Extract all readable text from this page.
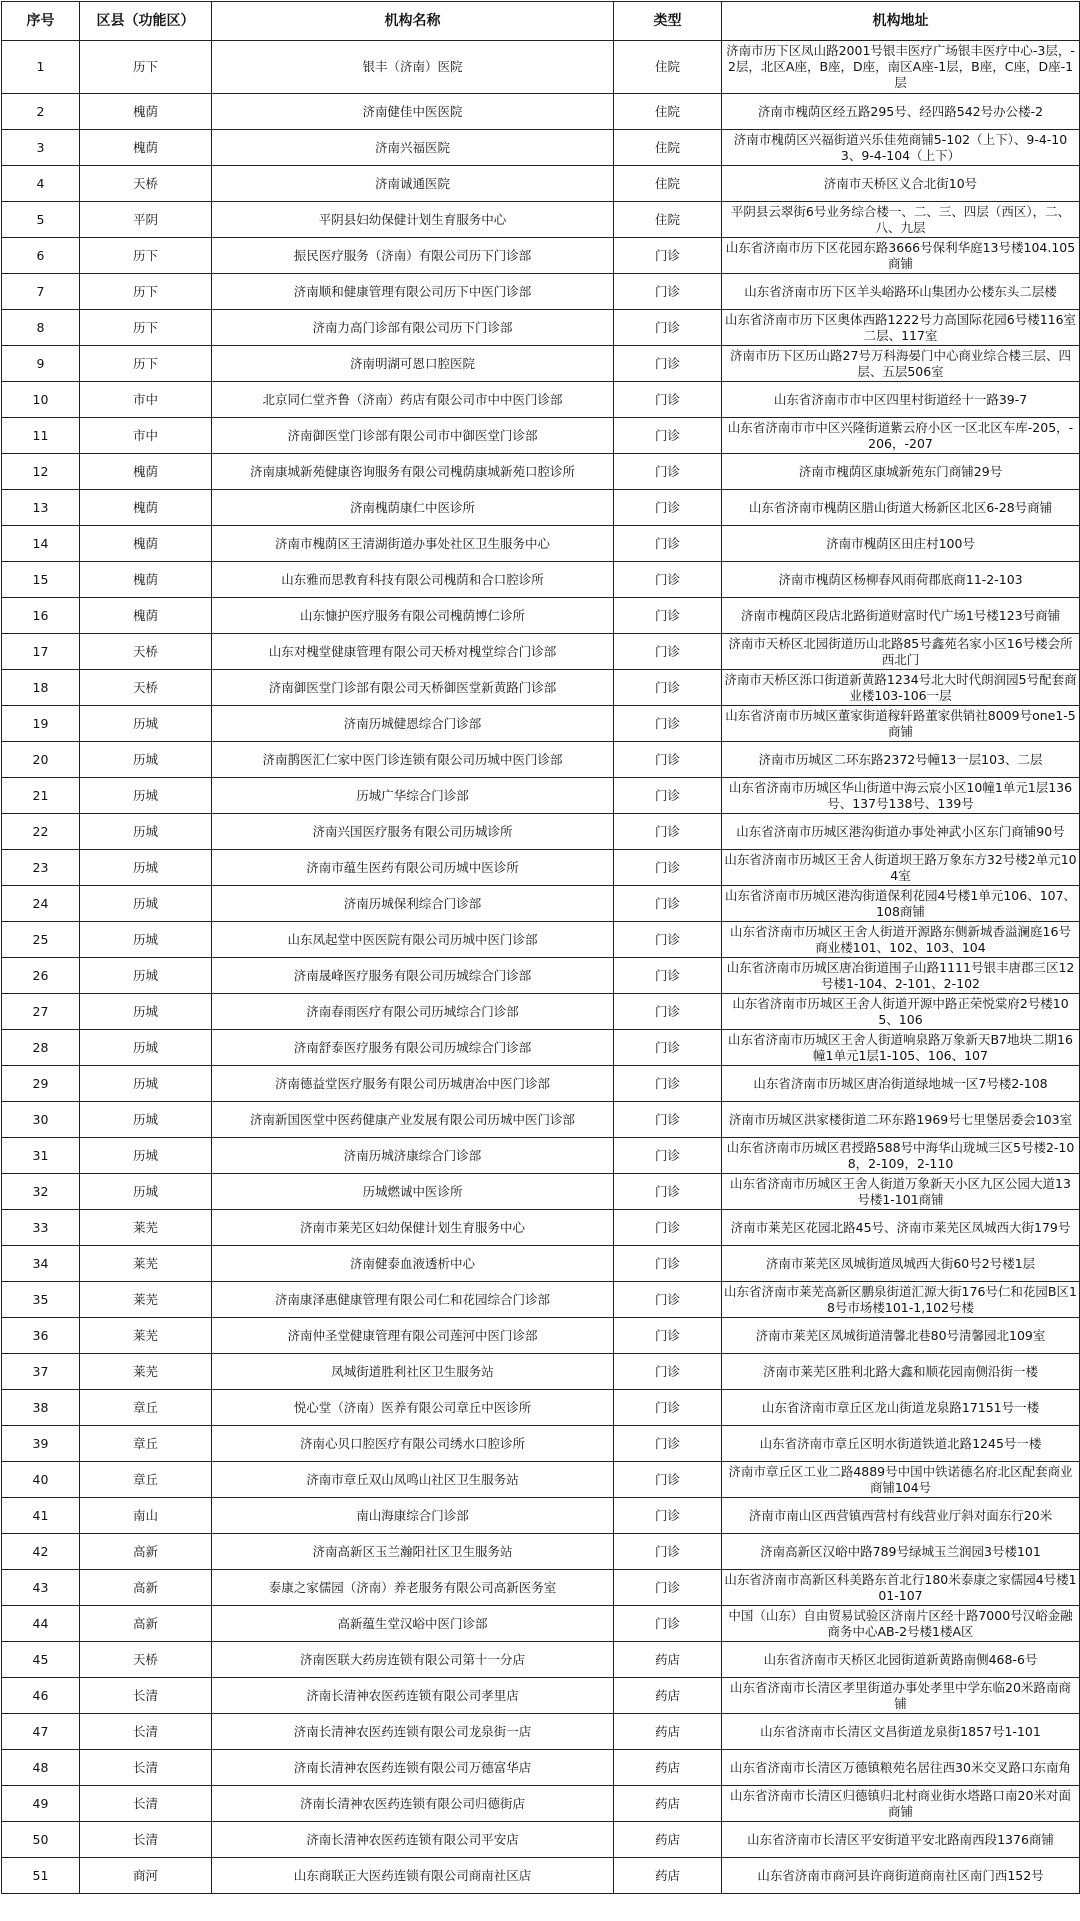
序号	区县（功能区）	机构名称	类型	机构地址
1	历下	银丰（济南）医院	住院	济南市历下区凤山路2001号银丰医疗广场银丰医疗中心-3层，-2层，北区A座，B座，D座，南区A座-1层，B座，C座，D座-1层
2	槐荫	济南健佳中医医院	住院	济南市槐荫区经五路295号、经四路542号办公楼-2
3	槐荫	济南兴福医院	住院	济南市槐荫区兴福街道兴乐佳苑商铺5-102（上下）、9-4-103、9-4-104（上下）
4	天桥	济南诚通医院	住院	济南市天桥区义合北街10号
5	平阴	平阴县妇幼保健计划生育服务中心	住院	平阴县云翠街6号业务综合楼一、二、三、四层（西区），二、八、九层
6	历下	振民医疗服务（济南）有限公司历下门诊部	门诊	山东省济南市历下区花园东路3666号保利华庭13号楼104.105商铺
7	历下	济南顺和健康管理有限公司历下中医门诊部	门诊	山东省济南市历下区羊头峪路环山集团办公楼东头二层楼
8	历下	济南力高门诊部有限公司历下门诊部	门诊	山东省济南市历下区奥体西路1222号力高国际花园6号楼116室二层、117室
9	历下	济南明湖可恩口腔医院	门诊	济南市历下区历山路27号万科海晏门中心商业综合楼三层、四层、五层506室
10	市中	北京同仁堂齐鲁（济南）药店有限公司市中中医门诊部	门诊	山东省济南市市中区四里村街道经十一路39-7
11	市中	济南御医堂门诊部有限公司市中御医堂门诊部	门诊	山东省济南市市中区兴隆街道紫云府小区一区北区车库-205，-206，-207
12	槐荫	济南康城新苑健康咨询服务有限公司槐荫康城新苑口腔诊所	门诊	济南市槐荫区康城新苑东门商铺29号
13	槐荫	济南槐荫康仁中医诊所	门诊	山东省济南市槐荫区腊山街道大杨新区北区6-28号商铺
14	槐荫	济南市槐荫区王清湖街道办事处社区卫生服务中心	门诊	济南市槐荫区田庄村100号
15	槐荫	山东雅而思教育科技有限公司槐荫和合口腔诊所	门诊	济南市槐荫区杨柳春风雨荷郡底商11-2-103
16	槐荫	山东慷护医疗服务有限公司槐荫博仁诊所	门诊	济南市槐荫区段店北路街道财富时代广场1号楼123号商铺
17	天桥	山东对槐堂健康管理有限公司天桥对槐堂综合门诊部	门诊	济南市天桥区北园街道历山北路85号鑫苑名家小区16号楼会所西北门
18	天桥	济南御医堂门诊部有限公司天桥御医堂新黄路门诊部	门诊	济南市天桥区泺口街道新黄路1234号北大时代朗润园5号配套商业楼103-106一层
19	历城	济南历城健恩综合门诊部	门诊	山东省济南市历城区董家街道稼轩路董家供销社8009号one1-5商铺
20	历城	济南鹊医汇仁家中医门诊连锁有限公司历城中医门诊部	门诊	济南市历城区二环东路2372号幢13一层103、二层
21	历城	历城广华综合门诊部	门诊	山东省济南市历城区华山街道中海云宸小区10幢1单元1层136号、137号138号、139号
22	历城	济南兴国医疗服务有限公司历城诊所	门诊	山东省济南市历城区港沟街道办事处神武小区东门商铺90号
23	历城	济南市蕴生医药有限公司历城中医诊所	门诊	山东省济南市历城区王舍人街道坝王路万象东方32号楼2单元104室
24	历城	济南历城保利综合门诊部	门诊	山东省济南市历城区港沟街道保利花园4号楼1单元106、107、108商铺
25	历城	山东凤起堂中医医院有限公司历城中医门诊部	门诊	山东省济南市历城区王舍人街道开源路东侧新城香溢澜庭16号商业楼101、102、103、104
26	历城	济南晟峰医疗服务有限公司历城综合门诊部	门诊	山东省济南市历城区唐冶街道围子山路1111号银丰唐郡三区12号楼1-104、2-101、2-102
27	历城	济南春雨医疗有限公司历城综合门诊部	门诊	山东省济南市历城区王舍人街道开源中路正荣悦棠府2号楼105、106
28	历城	济南舒泰医疗服务有限公司历城综合门诊部	门诊	山东省济南市历城区王舍人街道响泉路万象新天B7地块二期16幢1单元1层1-105、106、107
29	历城	济南德益堂医疗服务有限公司历城唐冶中医门诊部	门诊	山东省济南市历城区唐冶街道绿地城一区7号楼2-108
30	历城	济南新国医堂中医药健康产业发展有限公司历城中医门诊部	门诊	济南市历城区洪家楼街道二环东路1969号七里堡居委会103室
31	历城	济南历城济康综合门诊部	门诊	山东省济南市历城区君授路588号中海华山珑城三区5号楼2-108，2-109，2-110
32	历城	历城燃诚中医诊所	门诊	山东省济南市历城区王舍人街道万象新天小区九区公园大道13号楼1-101商铺
33	莱芜	济南市莱芜区妇幼保健计划生育服务中心	门诊	济南市莱芜区花园北路45号、济南市莱芜区凤城西大街179号
34	莱芜	济南健泰血液透析中心	门诊	济南市莱芜区凤城街道凤城西大街60号2号楼1层
35	莱芜	济南康泽惠健康管理有限公司仁和花园综合门诊部	门诊	山东省济南市莱芜高新区鹏泉街道汇源大街176号仁和花园B区18号市场楼101-1,102号楼
36	莱芜	济南仲圣堂健康管理有限公司莲河中医门诊部	门诊	济南市莱芜区凤城街道清馨北巷80号清馨园北109室
37	莱芜	凤城街道胜利社区卫生服务站	门诊	济南市莱芜区胜利北路大鑫和顺花园南侧沿街一楼
38	章丘	悦心堂（济南）医养有限公司章丘中医诊所	门诊	山东省济南市章丘区龙山街道龙泉路17151号一楼
39	章丘	济南心贝口腔医疗有限公司绣水口腔诊所	门诊	山东省济南市章丘区明水街道铁道北路1245号一楼
40	章丘	济南市章丘双山凤鸣山社区卫生服务站	门诊	济南市章丘区工业二路4889号中国中铁诺德名府北区配套商业商铺104号
41	南山	南山海康综合门诊部	门诊	济南市南山区西营镇西营村有线营业厅斜对面东行20米
42	高新	济南高新区玉兰瀚阳社区卫生服务站	门诊	济南高新区汉峪中路789号绿城玉兰润园3号楼101
43	高新	泰康之家儒园（济南）养老服务有限公司高新医务室	门诊	山东省济南市高新区科美路东首北行180米泰康之家儒园4号楼101-107
44	高新	高新蕴生堂汉峪中医门诊部	门诊	中国（山东）自由贸易试验区济南片区经十路7000号汉峪金融商务中心AB-2号楼1楼A区
45	天桥	济南医联大药房连锁有限公司第十一分店	药店	山东省济南市天桥区北园街道新黄路南侧468-6号
46	长清	济南长清神农医药连锁有限公司孝里店	药店	山东省济南市长清区孝里街道办事处孝里中学东临20米路南商铺
47	长清	济南长清神农医药连锁有限公司龙泉街一店	药店	山东省济南市长清区文昌街道龙泉街1857号1-101
48	长清	济南长清神农医药连锁有限公司万德富华店	药店	山东省济南市长清区万德镇粮苑名居往西30米交叉路口东南角
49	长清	济南长清神农医药连锁有限公司归德街店	药店	山东省济南市长清区归德镇归北村商业街水塔路口南20米对面商铺
50	长清	济南长清神农医药连锁有限公司平安店	药店	山东省济南市长清区平安街道平安北路南西段1376商铺
51	商河	山东商联正大医药连锁有限公司商南社区店	药店	山东省济南市商河县许商街道商南社区南门西152号
